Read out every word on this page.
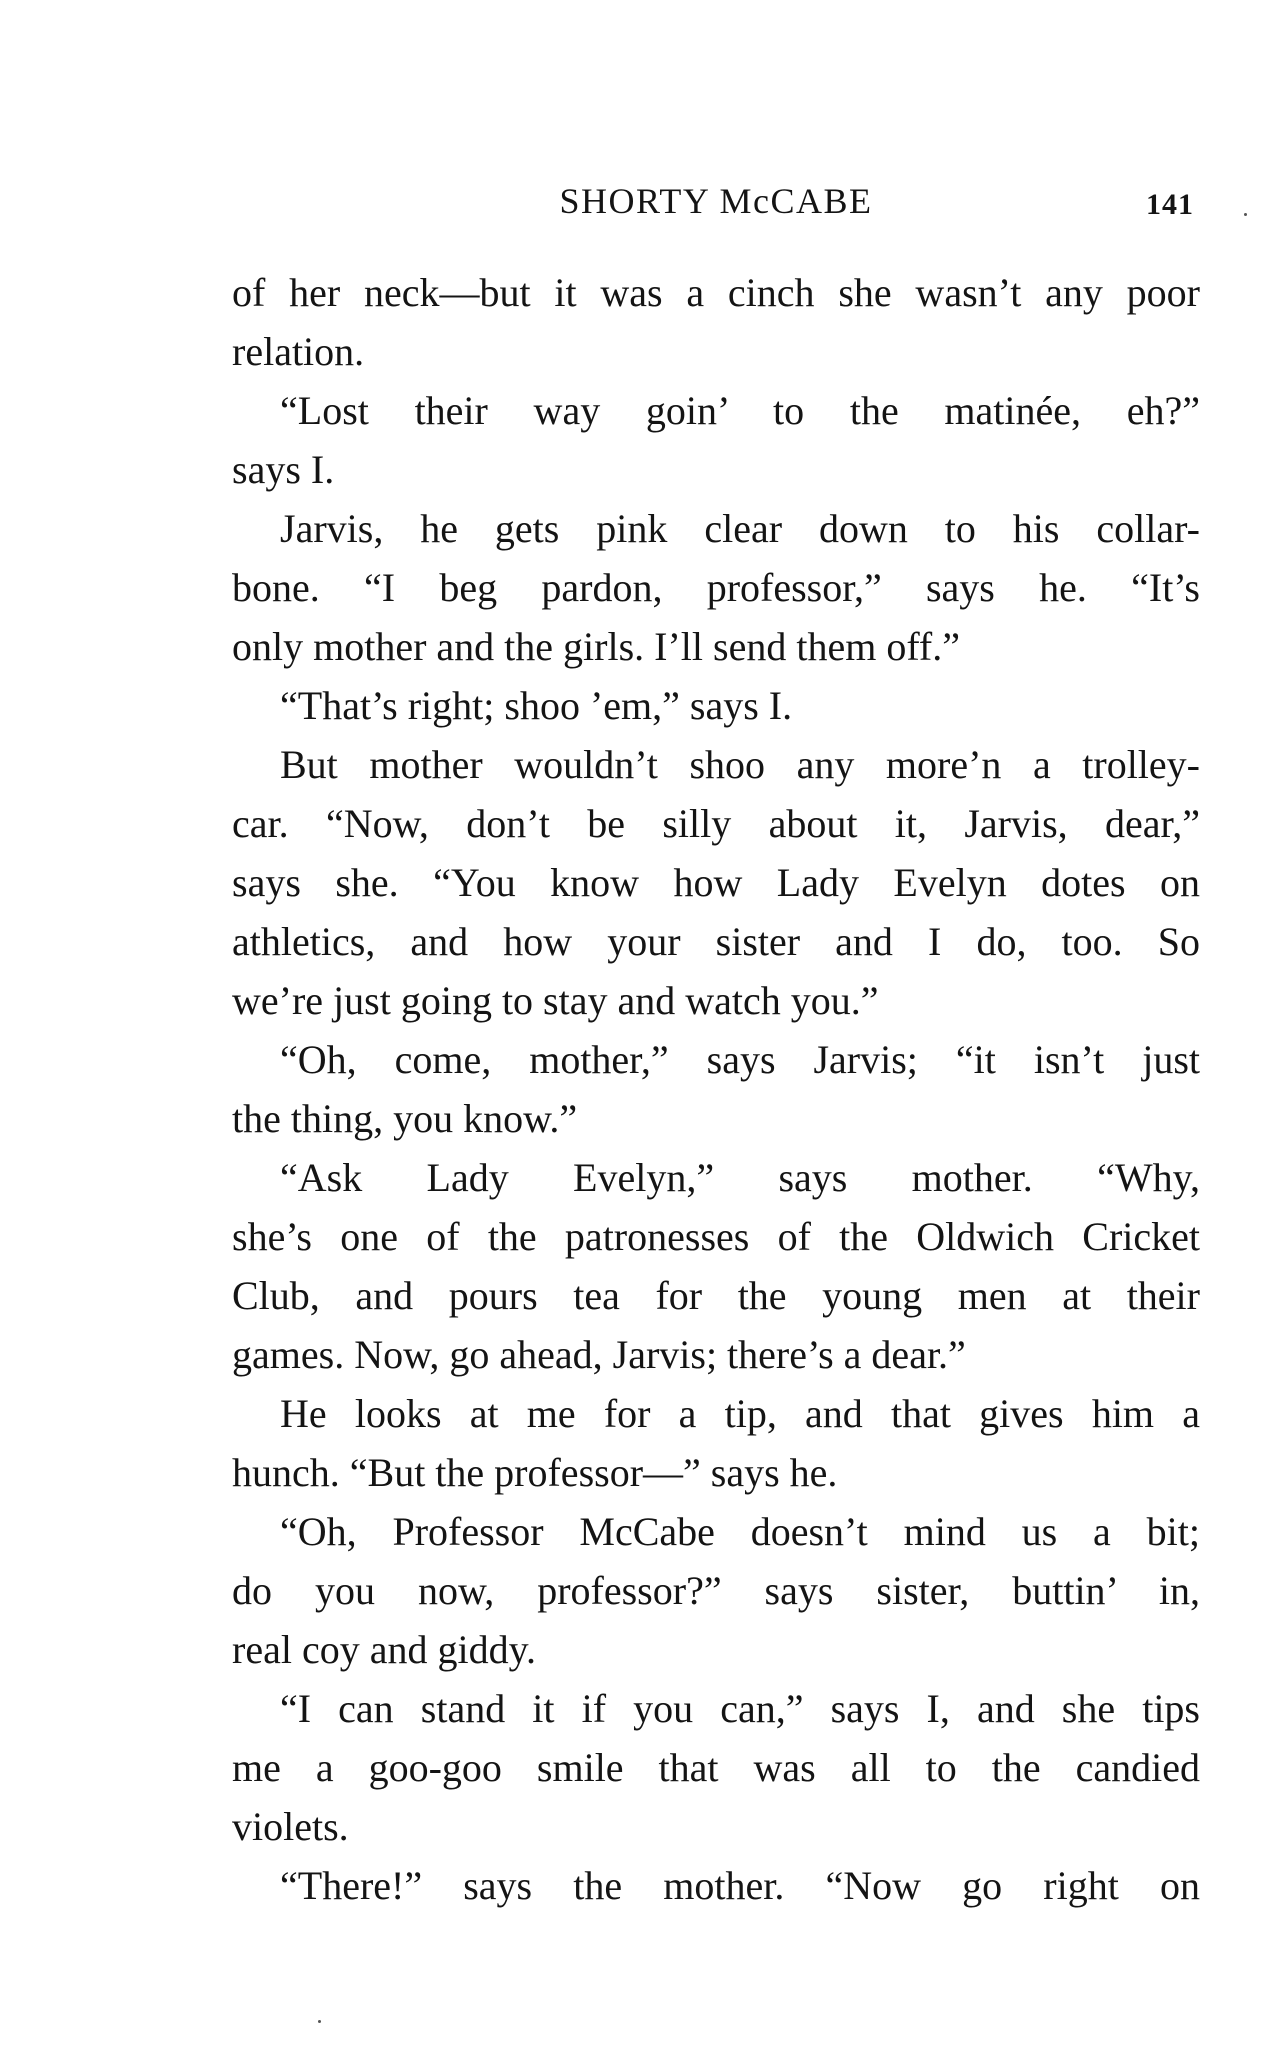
SHORTY McCABE	141
of her neck—but it was a cinch she wasn’t any poor
relation.
“Lost their way goin’ to the matinée, eh?”
says I.
Jarvis, he gets pink clear down to his collar-
bone. “I beg pardon, professor,” says he. “It’s
only mother and the girls. I’ll send them off.”
“That’s right; shoo ’em,” says I.
But mother wouldn’t shoo any more’n a trolley-
car. “Now, don’t be silly about it, Jarvis, dear,”
says she. “You know how Lady Evelyn dotes on
athletics, and how your sister and I do, too. So
we’re just going to stay and watch you.”
“Oh, come, mother,” says Jarvis; “it isn’t just
the thing, you know.”
“Ask Lady Evelyn,” says mother. “Why,
she’s one of the patronesses of the Oldwich Cricket
Club, and pours tea for the young men at their
games. Now, go ahead, Jarvis; there’s a dear.”
He looks at me for a tip, and that gives him a
hunch. “But the professor—” says he.
“Oh, Professor McCabe doesn’t mind us a bit;
do you now, professor?” says sister, buttin’ in,
real coy and giddy.
“I can stand it if you can,” says I, and she tips
me a goo-goo smile that was all to the candied
violets.
“There!” says the mother. “Now go right on
